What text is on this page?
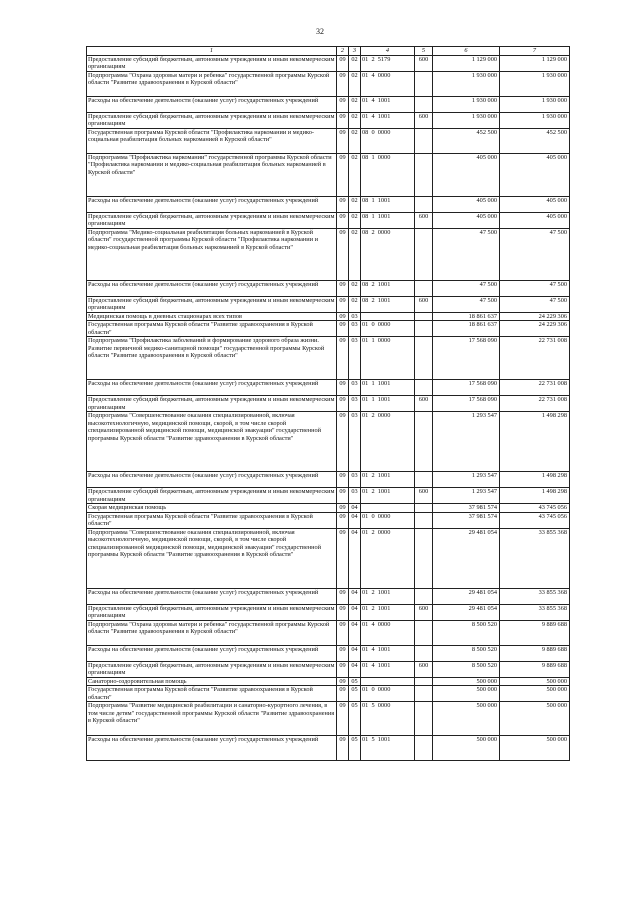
32
1	2	3	4	5	6	7
Предоставление субсидий бюджетным, автономным учреждениям и иным некоммерческим организациям	09	02	01  2  5179	600	1 129 000	1 129 000
Подпрограмма "Охрана здоровья матери и ребенка" государственной программы Курской области "Развитие здравоохранения в Курской области"	09	02	01  4  0000		1 930 000	1 930 000
Расходы на обеспечение деятельности (оказание услуг) государственных учреждений	09	02	01  4  1001		1 930 000	1 930 000
Предоставление субсидий бюджетным, автономным учреждениям и иным некоммерческим организациям	09	02	01  4  1001	600	1 930 000	1 930 000
Государственная программа Курской области "Профилактика наркомании и медико-социальная реабилитация больных наркоманией в Курской области"	09	02	08  0  0000		452 500	452 500
Подпрограмма "Профилактика наркомании" государственной программы Курской области "Профилактика наркомании и медико-социальная реабилитация больных наркоманией в Курской области"	09	02	08  1  0000		405 000	405 000
Расходы на обеспечение деятельности (оказание услуг) государственных учреждений	09	02	08  1  1001		405 000	405 000
Предоставление субсидий бюджетным, автономным учреждениям и иным некоммерческим организациям	09	02	08  1  1001	600	405 000	405 000
Подпрограмма "Медико-социальная реабилитация больных наркоманией в Курской области" государственной программы Курской области "Профилактика наркомании и медико-социальная реабилитация больных наркоманией в Курской области"	09	02	08  2  0000		47 500	47 500
Расходы на обеспечение деятельности (оказание услуг) государственных учреждений	09	02	08  2  1001		47 500	47 500
Предоставление субсидий бюджетным, автономным учреждениям и иным некоммерческим организациям	09	02	08  2  1001	600	47 500	47 500
Медицинская помощь в дневных стационарах всех типов	09	03			18 861 637	24 229 306
Государственная программа Курской области "Развитие здравоохранения в Курской области"	09	03	01  0  0000		18 861 637	24 229 306
Подпрограмма "Профилактика заболеваний и формирование здорового образа жизни. Развитие первичной медико-санитарной помощи" государственной программы Курской области "Развитие здравоохранения в Курской области"	09	03	01  1  0000		17 568 090	22 731 008
Расходы на обеспечение деятельности (оказание услуг) государственных учреждений	09	03	01  1  1001		17 568 090	22 731 008
Предоставление субсидий бюджетным, автономным учреждениям и иным некоммерческим организациям	09	03	01  1  1001	600	17 568 090	22 731 008
Подпрограмма "Совершенствование оказания специализированной, включая высокотехнологичную, медицинской помощи, скорой, в том числе скорой специализированной медицинской помощи, медицинской эвакуации" государственной программы Курской области "Развитие здравоохранения в Курской области"	09	03	01  2  0000		1 293 547	1 498 298
Расходы на обеспечение деятельности (оказание услуг) государственных учреждений	09	03	01  2  1001		1 293 547	1 498 298
Предоставление субсидий бюджетным, автономным учреждениям и иным некоммерческим организациям	09	03	01  2  1001	600	1 293 547	1 498 298
Скорая медицинская помощь	09	04			37 981 574	43 745 056
Государственная программа Курской области "Развитие здравоохранения в Курской области"	09	04	01  0  0000		37 981 574	43 745 056
Подпрограмма "Совершенствование оказания специализированной, включая высокотехнологичную, медицинской помощи, скорой, в том числе скорой специализированной медицинской помощи, медицинской эвакуации" государственной программы Курской области "Развитие здравоохранения в Курской области"	09	04	01  2  0000		29 481 054	33 855 368
Расходы на обеспечение деятельности (оказание услуг) государственных учреждений	09	04	01  2  1001		29 481 054	33 855 368
Предоставление субсидий бюджетным, автономным учреждениям и иным некоммерческим организациям	09	04	01  2  1001	600	29 481 054	33 855 368
Подпрограмма "Охрана здоровья матери и ребенка" государственной программы Курской области "Развитие здравоохранения в Курской области"	09	04	01  4  0000		8 500 520	9 889 688
Расходы на обеспечение деятельности (оказание услуг) государственных учреждений	09	04	01  4  1001		8 500 520	9 889 688
Предоставление субсидий бюджетным, автономным учреждениям и иным некоммерческим организациям	09	04	01  4  1001	600	8 500 520	9 889 688
Санаторно-оздоровительная помощь	09	05			500 000	500 000
Государственная программа Курской области "Развитие здравоохранения в Курской области"	09	05	01  0  0000		500 000	500 000
Подпрограмма "Развитие медицинской реабилитации и санаторно-курортного лечения, в том числе детям" государственной программы Курской области "Развитие здравоохранения в Курской области"	09	05	01  5  0000		500 000	500 000
Расходы на обеспечение деятельности (оказание услуг) государственных учреждений	09	05	01  5  1001		500 000	500 000
